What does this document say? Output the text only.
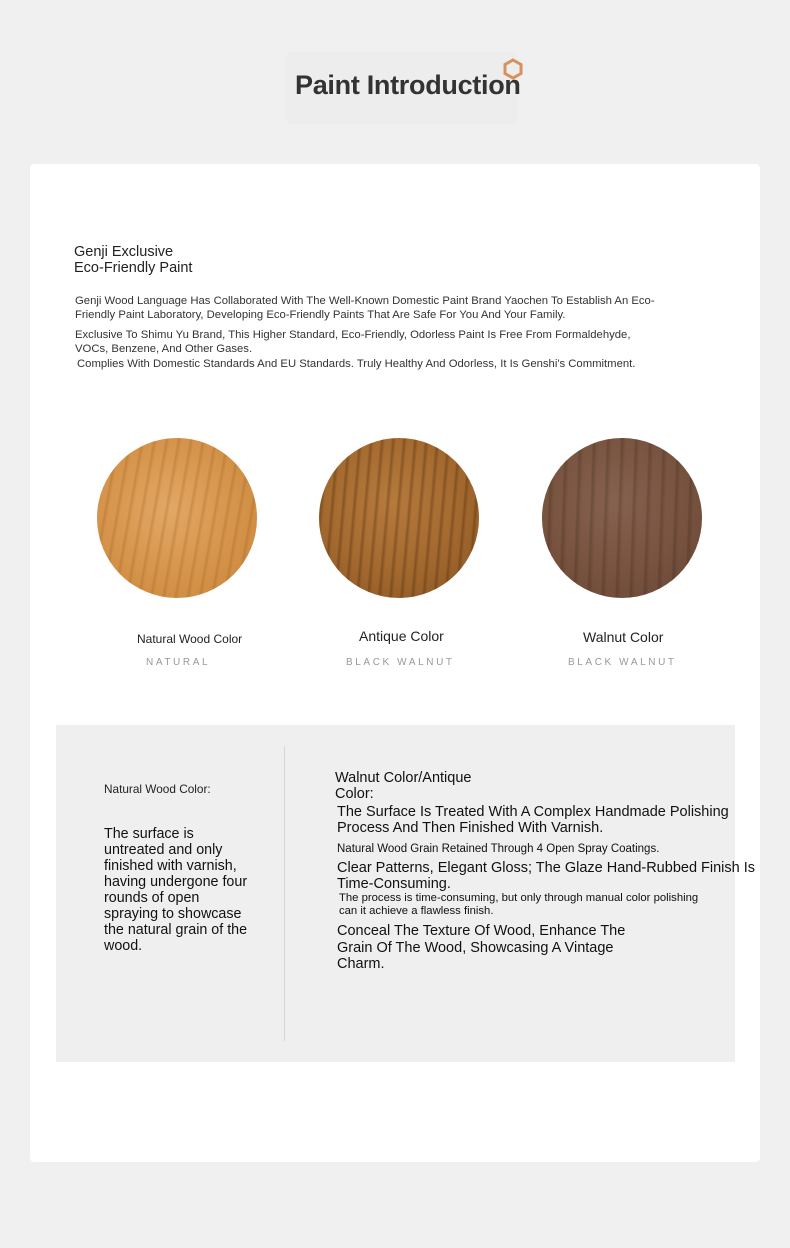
Paint Introduction
Genji Exclusive
Eco-Friendly Paint

Genji Wood Language Has Collaborated With The Well-Known Domestic Paint Brand Yaochen To Establish An Eco-Friendly Paint Laboratory, Developing Eco-Friendly Paints That Are Safe For You And Your Family.

Exclusive To Shimu Yu Brand, This Higher Standard, Eco-Friendly, Odorless Paint Is Free From Formaldehyde, VOCs, Benzene, And Other Gases.

Complies With Domestic Standards And EU Standards. Truly Healthy And Odorless, It Is Genshi's Commitment.

Natural Wood Color	Antique Color	Walnut Color
NATURAL	BLACK WALNUT	BLACK WALNUT
Natural Wood Color:

The surface is untreated and only finished with varnish, having undergone four rounds of open spraying to showcase the natural grain of the wood.

Walnut Color/Antique Color:

The Surface Is Treated With A Complex Handmade Polishing Process And Then Finished With Varnish.

Natural Wood Grain Retained Through 4 Open Spray Coatings.

Clear Patterns, Elegant Gloss; The Glaze Hand-Rubbed Finish Is Time-Consuming.

The process is time-consuming, but only through manual color polishing can it achieve a flawless finish.

Conceal The Texture Of Wood, Enhance The Grain Of The Wood, Showcasing A Vintage Charm.
